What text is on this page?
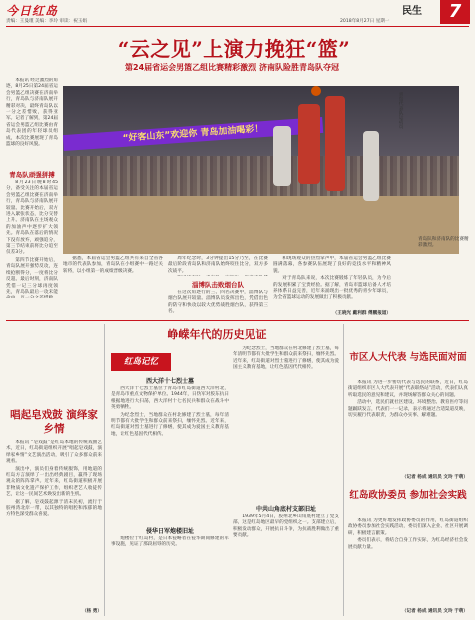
今日红岛
责编：王曼瑾 美编：李玲 审读：祝玉娟
民生
2018年8月27日 星期一	7
“云之见”上演力挽狂“篮”
第24届省运会男篮乙组比赛精彩激烈 济南队险胜青岛队夺冠

本报讯 经过激烈的角逐，8月25日第24届省运会男篮乙组决赛在济南举行，青岛队与济南队展开精彩对决，最终青岛队以一分之差惜败，获得亚军。记者了解到，第24届省运会男篮乙组比赛由青岛代表团的年轻球员组成，本次比赛展现了青岛篮球的良好风貌。

“好客山东”欢迎你 青岛加油喝彩！
青岛代表队运动员
青岛队和济南队的比赛精彩激烈。
青岛队顽强拼搏

8月23日晚8时45分，备受关注的本届省运会男篮乙组比赛在济南举行，青岛队与济南队展开较量。比赛开始后，双方进入紧张状态，比分交替上升。济南队在主场观众的加油声中逐步扩大领先。青岛队在落后的情况下没有放弃，顽强追分，第三节结束前将比分追至仅差3分。

第四节比赛开始后，青岛队展开强势反攻，连续抢断得分，一度将比分反超。最后时刻，济南队凭借一记三分球再度领先，青岛队最后一攻未能

据悉，本届省运会男篮乙组共有来自全省各地市的代表队参加，青岛队在小组赛中一路过关斩将，以小组第一的成绩晋级决赛。

周年纪念时，3分钟提出15分乃至，在比赛最后阶段青岛队和济南队始终咬住比分，双方多次战平。

淄博队击败烟台队

在这次角逐行的三、四名决赛中，淄博队与烟台队展开较量。淄博队员发挥出色，凭借出色的防守和快攻以较大优势战胜烟台队，获得第三名。

和现场观众的热烈掌声中，本届省运会男篮乙组比赛圆满落幕，各参赛队伍展现了良好的竞技水平和精神风貌。

对于青岛队来说，本次比赛锻炼了年轻队员，为今后的发展积累了宝贵经验。据了解，青岛市篮球后备人才培养体系日益完善，近年来涌现出一批优秀的青少年球员，为全省篮球运动的发展做出了积极贡献。

（王晓光 戴利群 傅鹏报道）
峥嵘年代的历史见证
红岛记忆
西大洋十七烈士墓

西大洋十七烈士墓位于青岛市红岛街道西大洋村北，是青岛市重点文物保护单位。1944年，日伪军对胶东抗日根据地进行大扫荡，西大洋村十七名民兵和群众在战斗中英勇牺牲。

为纪念烈士，当地群众在村北修建了烈士墓，每年清明节都有大批学生和群众前来祭扫，缅怀先烈。近年来，红岛街道对烈士墓进行了修缮，使其成为爱国主义教育基地，让红色基因代代相传。

侵华日军炮楼旧址

炮楼位于红岛村，是日本侵略者在侵华期间修建的军事设施，见证了那段屈辱的历史。

为纪念烈士，当地群众在村北修建了烈士墓，每年清明节都有大批学生和群众前来祭扫，缅怀先烈。近年来，红岛街道对烈士墓进行了修缮，使其成为爱国主义教育基地，让红色基因代代相传。

中共山角底村支部旧址

1939年5月4日，胶州北乡山角底村建立了党支部，这是红岛地区最早的党组织之一。支部建立后，积极发动群众，开展抗日斗争，为抗战胜利做出了重要贡献。

唱起皂戏鼓 演绎家乡情

本报讯 “皂戏鼓”是红岛本地的传统戏曲艺术，近日，红岛街道组织开展“唱起皂戏鼓，演绎家乡情”文艺演出活动，吸引了众多群众前来观看。

演出中，演员们身着传统服饰，用地道的红岛方言演绎了一出出经典剧目，赢得了现场观众的阵阵掌声。近年来，红岛街道积极开展非物质文化遗产保护工作，组织老艺人收徒传艺，让这一民间艺术焕发出新的生机。

据了解，皂戏鼓起源于清末民初，流行于胶州湾北岸一带，以其独特的唱腔和浓郁的地方特色深受群众喜爱。

（杨 勇）
市区人大代表 与选民面对面

本报讯 为进一步密切代表与选民的联系，近日，红岛街道组织市区人大代表开展“代表联络站”活动，代表们认真听取选民的意见和建议，并现场解答群众关心的问题。

活动中，选民们就社区建设、环境整治、教育医疗等问题踊跃发言，代表们一一记录，表示将通过合适渠道反映，切实履行代表职责，为群众办实事、解难题。

（记者 杨成 通讯员 文玲 于萌）
红岛政协委员 参加社会实践

本报讯 为更好地发挥政协委员的作用，红岛街道组织政协委员参加社会实践活动，委员们深入企业、社区开展调研，积极建言献策。

委员们表示，将结合自身工作实际，为红岛经济社会发展贡献力量。

（记者 杨成 通讯员 文玲 于萌）
